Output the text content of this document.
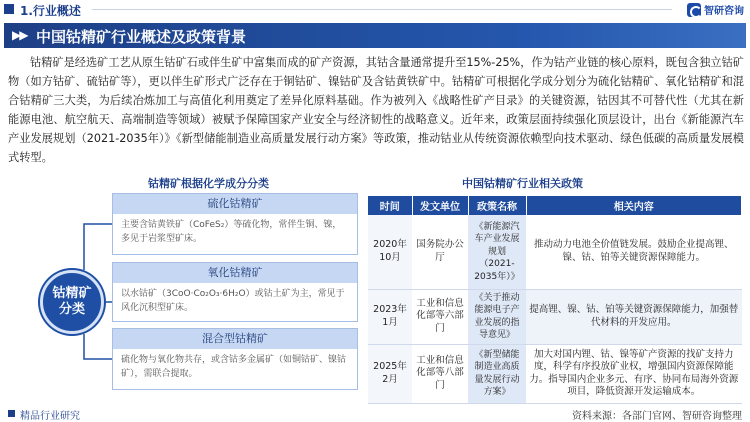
1.行业概述	智研咨询
▶▶ 中国钴精矿行业概述及政策背景
钴精矿是经选矿工艺从原生钴矿石或伴生矿中富集而成的矿产资源，其钴含量通常提升至15%-25%，作为钴产业链的核心原料，既包含独立钴矿物（如方钴矿、硫钴矿等），更以伴生矿形式广泛存在于铜钴矿、镍钴矿及含钴黄铁矿中。钴精矿可根据化学成分划分为硫化钴精矿、氧化钴精矿和混合钴精矿三大类，为后续冶炼加工与高值化利用奠定了差异化原料基础。作为被列入《战略性矿产目录》的关键资源，钴因其不可替代性（尤其在新能源电池、航空航天、高端制造等领域）被赋予保障国家产业安全与经济韧性的战略意义。近年来，政策层面持续强化顶层设计，出台《新能源汽车产业发展规划（2021-2035年）》《新型储能制造业高质量发展行动方案》等政策，推动钴业从传统资源依赖型向技术驱动、绿色低碳的高质量发展模式转型。
钴精矿根据化学成分分类
钴精矿分类
硫化钴精矿
主要含钴黄铁矿（CoFeS₂）等硫化物，常伴生铜、镍，多见于岩浆型矿床。
氧化钴精矿
以水钴矿（3CoO·Co₂O₃·6H₂O）或钴土矿为主，常见于风化沉积型矿床。
混合型钴精矿
硫化物与氧化物共存，或含钴多金属矿（如铜钴矿、镍钴矿），需联合提取。
中国钴精矿行业相关政策
时间	发文单位	政策名称	相关内容
2020年10月	国务院办公厅	《新能源汽车产业发展规划（2021-2035年）》	推动动力电池全价值链发展。鼓励企业提高锂、镍、钴、铂等关键资源保障能力。
2023年1月	工业和信息化部等六部门	《关于推动能源电子产业发展的指导意见》	提高锂、镍、钴、铂等关键资源保障能力，加强替代材料的开发应用。
2025年2月	工业和信息化部等八部门	《新型储能制造业高质量发展行动方案》	加大对国内锂、钴、镍等矿产资源的找矿支持力度，科学有序投放矿业权，增强国内资源保障能力。指导国内企业多元、有序、协同布局海外资源项目，降低资源开发运输成本。
精品行业研究	资料来源：各部门官网、智研咨询整理
